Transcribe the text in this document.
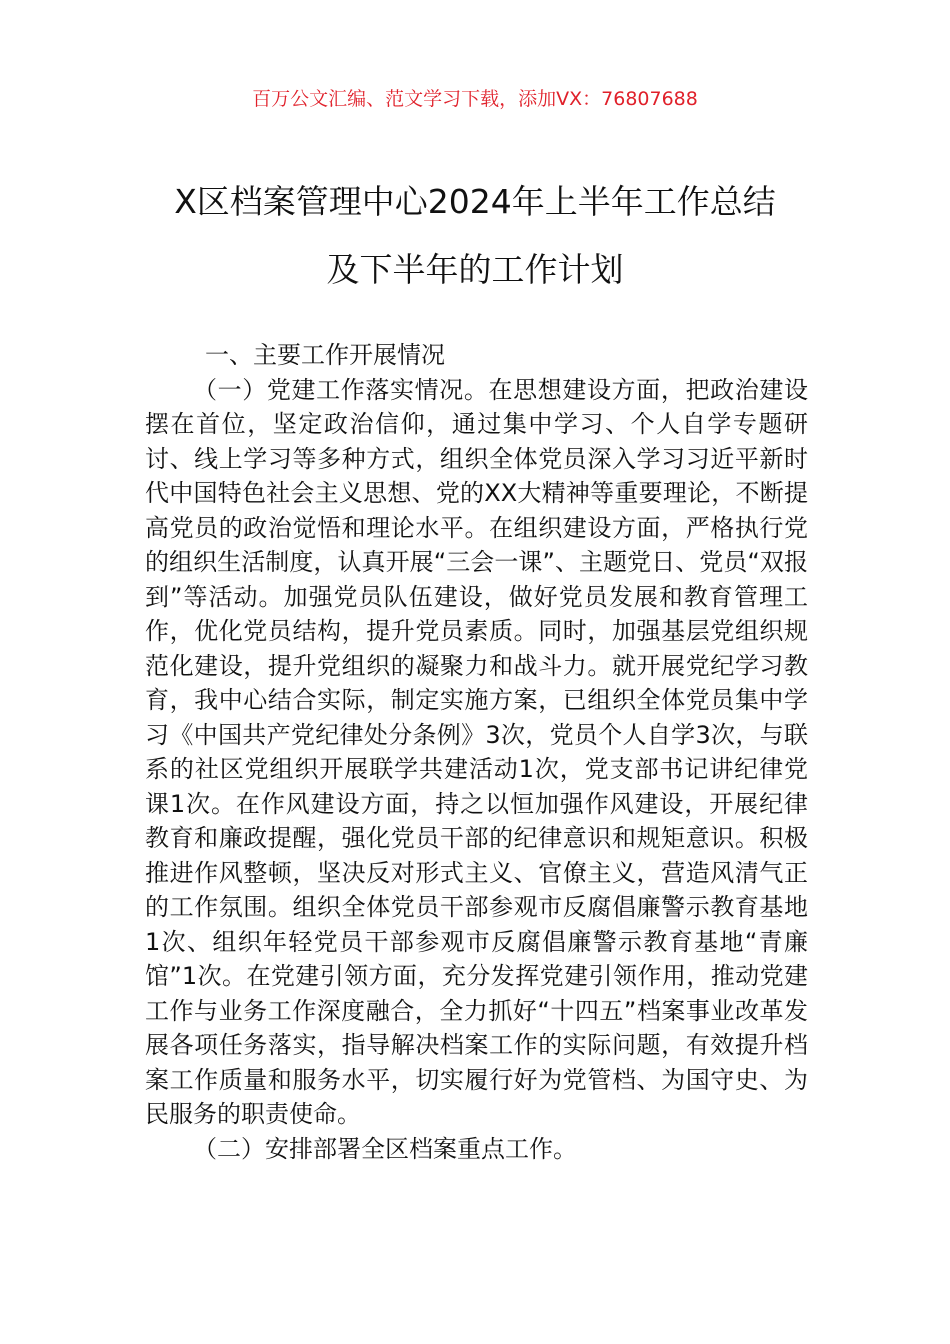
百万公文汇编、范文学习下载，添加VX：76807688
X区档案管理中心2024年上半年工作总结
及下半年的工作计划

一、主要工作开展情况

（一）党建工作落实情况。在思想建设方面，把政治建设摆在首位，坚定政治信仰，通过集中学习、个人自学专题研讨、线上学习等多种方式，组织全体党员深入学习习近平新时代中国特色社会主义思想、党的XX大精神等重要理论，不断提高党员的政治觉悟和理论水平。在组织建设方面，严格执行党的组织生活制度，认真开展“三会一课”、主题党日、党员“双报到”等活动。加强党员队伍建设，做好党员发展和教育管理工作，优化党员结构，提升党员素质。同时，加强基层党组织规范化建设，提升党组织的凝聚力和战斗力。就开展党纪学习教育，我中心结合实际，制定实施方案，已组织全体党员集中学习《中国共产党纪律处分条例》3次，党员个人自学3次，与联系的社区党组织开展联学共建活动1次，党支部书记讲纪律党课1次。在作风建设方面，持之以恒加强作风建设，开展纪律教育和廉政提醒，强化党员干部的纪律意识和规矩意识。积极推进作风整顿，坚决反对形式主义、官僚主义，营造风清气正的工作氛围。组织全体党员干部参观市反腐倡廉警示教育基地1次、组织年轻党员干部参观市反腐倡廉警示教育基地“青廉馆”1次。在党建引领方面，充分发挥党建引领作用，推动党建工作与业务工作深度融合，全力抓好“十四五”档案事业改革发展各项任务落实，指导解决档案工作的实际问题，有效提升档案工作质量和服务水平，切实履行好为党管档、为国守史、为民服务的职责使命。

（二）安排部署全区档案重点工作。
